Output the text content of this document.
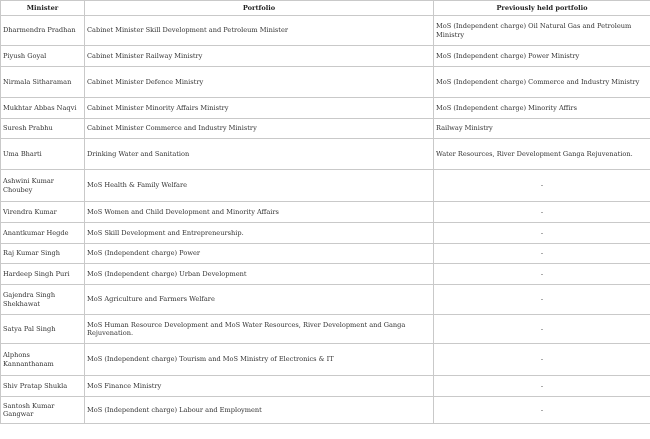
Minister	Portfolio	Previously held portfolio
Dharmendra Pradhan	Cabinet Minister Skill Development and Petroleum Minister	MoS (Independent charge) Oil Natural Gas and Petroleum Ministry
Piyush Goyal	Cabinet Minister Railway Ministry	MoS (Independent charge) Power Ministry
Nirmala Sitharaman	Cabinet Minister Defence Ministry	MoS (Independent charge) Commerce and Industry Ministry
Mukhtar Abbas Naqvi	Cabinet Minister Minority Affairs Ministry	MoS (Independent charge) Minority Affirs
Suresh Prabhu	Cabinet Minister Commerce and Industry Ministry	Railway Ministry
Uma Bharti	Drinking Water and Sanitation	Water Resources, River Development Ganga Rejuvenation.
Ashwini Kumar Choubey	MoS Health & Family Welfare	-
Virendra Kumar	MoS Women and Child Development and Minority Affairs	-
Anantkumar Hegde	MoS Skill Development and Entrepreneurship.	-
Raj Kumar Singh	MoS (Independent charge) Power	-
Hardeep Singh Puri	MoS (Independent charge) Urban Development	-
Gajendra Singh Shekhawat	MoS Agriculture and Farmers Welfare	-
Satya Pal Singh	MoS Human Resource Development and MoS Water Resources, River Development and Ganga Rejuvenation.	-
Alphons Kannanthanam	MoS (Independent charge) Tourism and MoS Ministry of Electronics & IT	-
Shiv Pratap Shukla	MoS Finance Ministry	-
Santosh Kumar Gangwar	MoS (Independent charge) Labour and Employment	-
